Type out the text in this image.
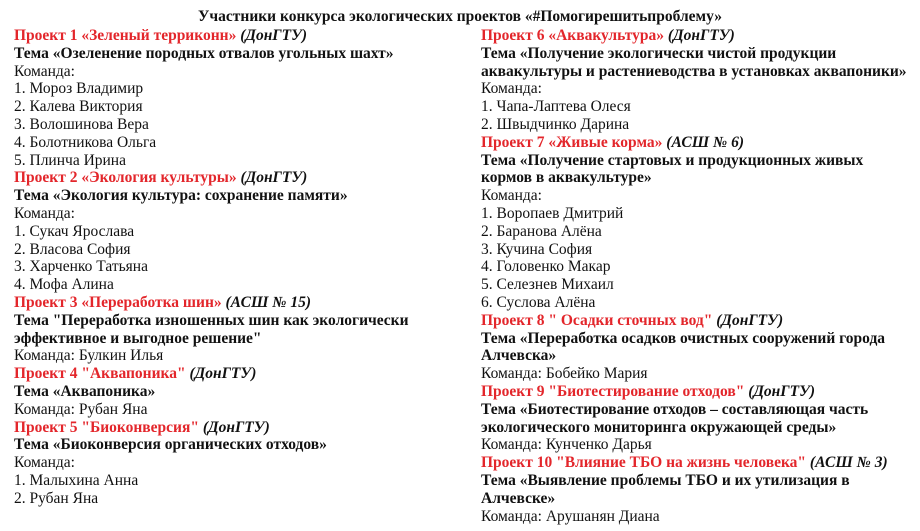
Участники конкурса экологических проектов «#Помогирешитьпроблему»
Проект 1 «Зеленый терриконн» (ДонГТУ)
Тема «Озеленение породных отвалов угольных шахт»
Команда:
1. Мороз Владимир
2. Калева Виктория
3. Волошинова Вера
4. Болотникова Ольга
5. Плинча Ирина
Проект 2 «Экология культуры» (ДонГТУ)
Тема «Экология культура: сохранение памяти»
Команда:
1. Сукач Ярослава
2. Власова София
3. Харченко Татьяна
4. Мофа Алина
Проект 3 «Переработка шин» (АСШ № 15)
Тема "Переработка изношенных шин как экологически
эффективное и выгодное решение"
Команда: Булкин Илья
Проект 4 "Аквапоника" (ДонГТУ)
Тема «Аквапоника»
Команда: Рубан Яна
Проект 5 "Биоконверсия" (ДонГТУ)
Тема «Биоконверсия органических отходов»
Команда:
1. Малыхина Анна
2. Рубан Яна
Проект 6 «Аквакультура» (ДонГТУ)
Тема «Получение экологически чистой продукции
аквакультуры и растениеводства в установках аквапоники»
Команда:
1. Чапа-Лаптева Олеся
2. Швыдчинко Дарина
Проект 7 «Живые корма» (АСШ № 6)
Тема «Получение стартовых и продукционных живых
кормов в аквакультуре»
Команда:
1. Воропаев Дмитрий
2. Баранова Алёна
3. Кучина София
4. Головенко Макар
5. Селезнев Михаил
6. Суслова Алёна
Проект 8 " Осадки сточных вод" (ДонГТУ)
Тема «Переработка осадков очистных сооружений города
Алчевска»
Команда: Бобейко Мария
Проект 9 "Биотестирование отходов" (ДонГТУ)
Тема «Биотестирование отходов – составляющая часть
экологического мониторинга окружающей среды»
Команда: Кунченко Дарья
Проект 10 "Влияние ТБО на жизнь человека" (АСШ № 3)
Тема «Выявление проблемы ТБО и их утилизация в
Алчевске»
Команда: Арушанян Диана
